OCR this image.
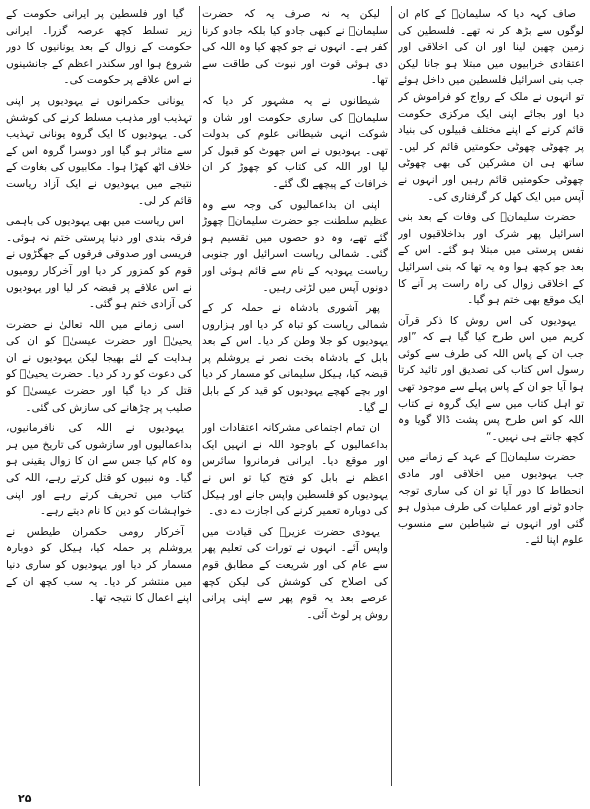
صاف کہہ دیا کہ سلیمانؑ کے کام ان لوگوں سے بڑھ کر نہ تھے۔ فلسطین کی زمین چھین لینا اور ان کی اخلاقی اور اعتقادی خرابیوں میں مبتلا ہو جانا لیکن جب بنی اسرائیل فلسطین میں داخل ہوئے تو انہوں نے ملک کے رواج کو فراموش کر دیا اور بجائے اپنی ایک مرکزی حکومت قائم کرنے کے اپنے مختلف قبیلوں کی بنیاد پر چھوٹی چھوٹی حکومتیں قائم کر لیں۔ ساتھ ہی ان مشرکین کی بھی چھوٹی چھوٹی حکومتیں قائم رہیں اور انہوں نے آپس میں ایک کھل کر گرفتاری کی۔

حضرت سلیمانؑ کی وفات کے بعد بنی اسرائیل پھر شرک اور بداخلاقیوں اور نفس پرستی میں مبتلا ہو گئے۔ اس کے بعد جو کچھ ہوا وہ یہ تھا کہ بنی اسرائیل کے اخلاقی زوال کی راہ راست پر آنے کا ایک موقع بھی ختم ہو گیا۔

یہودیوں کی اس روش کا ذکر قرآن کریم میں اس طرح کیا گیا ہے کہ ”اور جب ان کے پاس اللہ کی طرف سے کوئی رسول اس کتاب کی تصدیق اور تائید کرتا ہوا آیا جو ان کے پاس پہلے سے موجود تھی تو اہل کتاب میں سے ایک گروہ نے کتاب اللہ کو اس طرح پس پشت ڈالا گویا وہ کچھ جانتے ہی نہیں۔“

حضرت سلیمانؑ کے عہد کے زمانے میں جب یہودیوں میں اخلاقی اور مادی انحطاط کا دور آیا تو ان کی ساری توجہ جادو ٹونے اور عملیات کی طرف مبذول ہو گئی اور انہوں نے شیاطین سے منسوب علوم اپنا لئے۔

لیکن یہ نہ صرف یہ کہ حضرت سلیمانؑ نے کبھی جادو کیا بلکہ جادو کرنا کفر ہے۔ انہوں نے جو کچھ کیا وہ اللہ کی دی ہوئی قوت اور نبوت کی طاقت سے تھا۔

شیطانوں نے یہ مشہور کر دیا کہ سلیمانؑ کی ساری حکومت اور شان و شوکت انہی شیطانی علوم کی بدولت تھی۔ یہودیوں نے اس جھوٹ کو قبول کر لیا اور اللہ کی کتاب کو چھوڑ کر ان خرافات کے پیچھے لگ گئے۔

اپنی ان بداعمالیوں کی وجہ سے وہ عظیم سلطنت جو حضرت سلیمانؑ چھوڑ گئے تھے، وہ دو حصوں میں تقسیم ہو گئی۔ شمالی ریاست اسرائیل اور جنوبی ریاست یہودیہ کے نام سے قائم ہوئی اور دونوں آپس میں لڑتی رہیں۔

پھر آشوری بادشاہ نے حملہ کر کے شمالی ریاست کو تباہ کر دیا اور ہزاروں یہودیوں کو جلا وطن کر دیا۔ اس کے بعد بابل کے بادشاہ بخت نصر نے یروشلم پر قبضہ کیا، ہیکل سلیمانی کو مسمار کر دیا اور بچے کھچے یہودیوں کو قید کر کے بابل لے گیا۔

ان تمام اجتماعی مشرکانہ اعتقادات اور بداعمالیوں کے باوجود اللہ نے انہیں ایک اور موقع دیا۔ ایرانی فرمانروا سائرس اعظم نے بابل کو فتح کیا تو اس نے یہودیوں کو فلسطین واپس جانے اور ہیکل کی دوبارہ تعمیر کرنے کی اجازت دے دی۔

یہودی حضرت عزیرؑ کی قیادت میں واپس آئے۔ انہوں نے تورات کی تعلیم پھر سے عام کی اور شریعت کے مطابق قوم کی اصلاح کی کوشش کی لیکن کچھ عرصے بعد یہ قوم پھر سے اپنی پرانی روش پر لوٹ آئی۔

گیا اور فلسطین پر ایرانی حکومت کے زیر تسلط کچھ عرصہ گزرا۔ ایرانی حکومت کے زوال کے بعد یونانیوں کا دور شروع ہوا اور سکندر اعظم کے جانشینوں نے اس علاقے پر حکومت کی۔

یونانی حکمرانوں نے یہودیوں پر اپنی تہذیب اور مذہب مسلط کرنے کی کوشش کی۔ یہودیوں کا ایک گروہ یونانی تہذیب سے متاثر ہو گیا اور دوسرا گروہ اس کے خلاف اٹھ کھڑا ہوا۔ مکابیوں کی بغاوت کے نتیجے میں یہودیوں نے ایک آزاد ریاست قائم کر لی۔

اس ریاست میں بھی یہودیوں کی باہمی فرقہ بندی اور دنیا پرستی ختم نہ ہوئی۔ فریسی اور صدوقی فرقوں کے جھگڑوں نے قوم کو کمزور کر دیا اور آخرکار رومیوں نے اس علاقے پر قبضہ کر لیا اور یہودیوں کی آزادی ختم ہو گئی۔

اسی زمانے میں اللہ تعالیٰ نے حضرت یحییٰؑ اور حضرت عیسیٰؑ کو ان کی ہدایت کے لئے بھیجا لیکن یہودیوں نے ان کی دعوت کو رد کر دیا۔ حضرت یحییٰؑ کو قتل کر دیا گیا اور حضرت عیسیٰؑ کو صلیب پر چڑھانے کی سازش کی گئی۔

یہودیوں نے اللہ کی نافرمانیوں، بداعمالیوں اور سازشوں کی تاریخ میں ہر وہ کام کیا جس سے ان کا زوال یقینی ہو گیا۔ وہ نبیوں کو قتل کرتے رہے، اللہ کی کتاب میں تحریف کرتے رہے اور اپنی خواہشات کو دین کا نام دیتے رہے۔

آخرکار رومی حکمران طیطس نے یروشلم پر حملہ کیا، ہیکل کو دوبارہ مسمار کر دیا اور یہودیوں کو ساری دنیا میں منتشر کر دیا۔ یہ سب کچھ ان کے اپنے اعمال کا نتیجہ تھا۔

۲۵
